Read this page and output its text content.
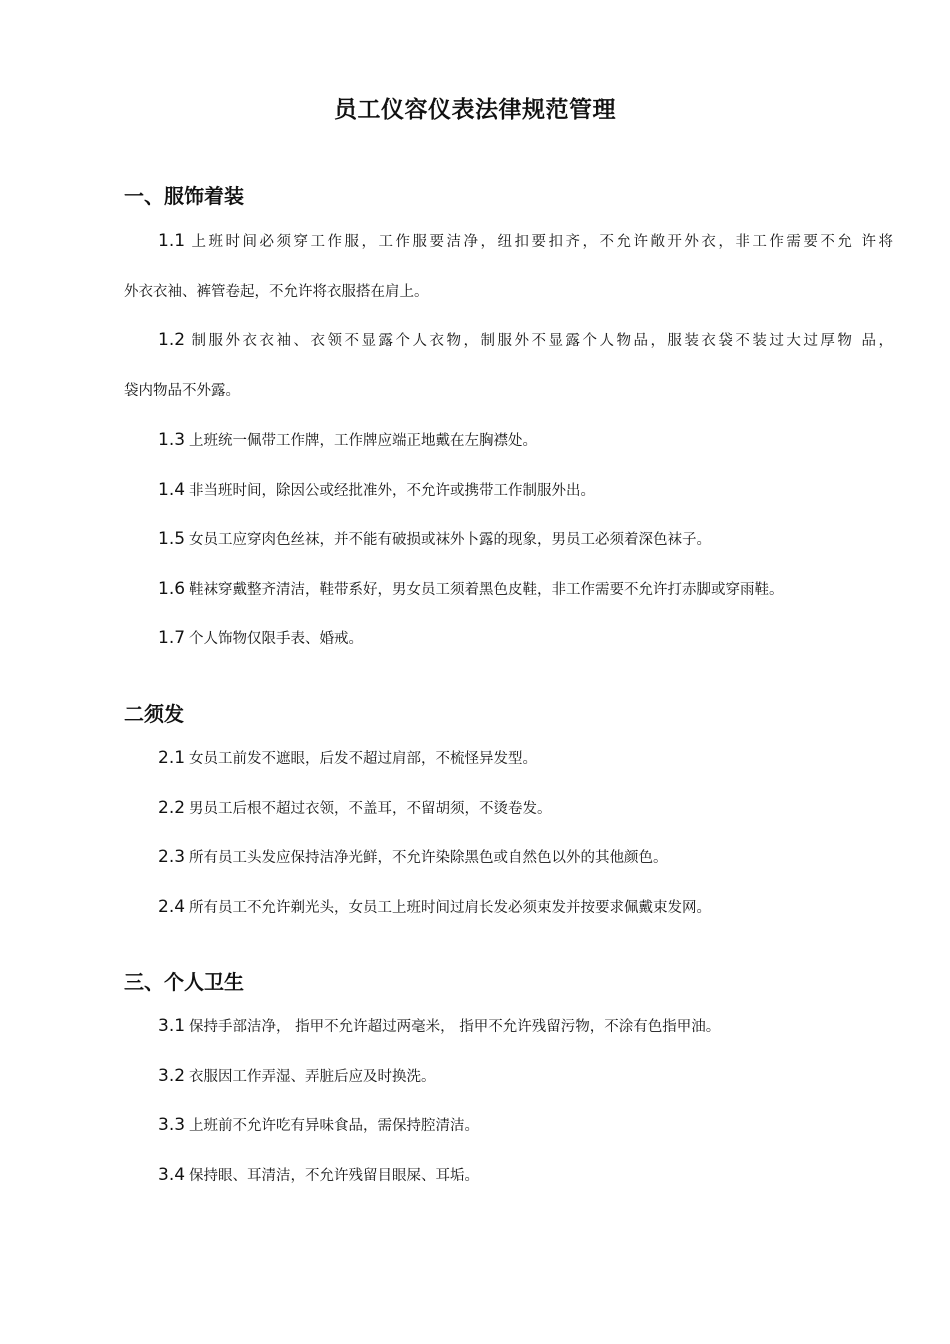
员工仪容仪表法律规范管理
一、服饰着装
1.1 上班时间必须穿工作服，工作服要洁净，纽扣要扣齐，不允许敞开外衣，非工作需要不允 许将
外衣衣袖、裤管卷起，不允许将衣服搭在肩上。
1.2 制服外衣衣袖、衣领不显露个人衣物，制服外不显露个人物品，服装衣袋不装过大过厚物 品，
袋内物品不外露。
1.3 上班统一佩带工作牌，工作牌应端正地戴在左胸襟处。
1.4 非当班时间，除因公或经批准外，不允许或携带工作制服外出。
1.5 女员工应穿肉色丝袜，并不能有破损或袜外卜露的现象，男员工必须着深色袜子。
1.6 鞋袜穿戴整齐清洁，鞋带系好，男女员工须着黑色皮鞋，非工作需要不允许打赤脚或穿雨鞋。
1.7 个人饰物仅限手表、婚戒。
二须发
2.1 女员工前发不遮眼，后发不超过肩部，不梳怪异发型。
2.2 男员工后根不超过衣领，不盖耳，不留胡须，不烫卷发。
2.3 所有员工头发应保持洁净光鲜，不允许染除黑色或自然色以外的其他颜色。
2.4 所有员工不允许剃光头，女员工上班时间过肩长发必须束发并按要求佩戴束发网。
三、个人卫生
3.1 保持手部洁净， 指甲不允许超过两毫米， 指甲不允许残留污物，不涂有色指甲油。
3.2 衣服因工作弄湿、弄脏后应及时换洗。
3.3 上班前不允许吃有异味食品，需保持腔清洁。
3.4 保持眼、耳清洁，不允许残留目眼屎、耳垢。
